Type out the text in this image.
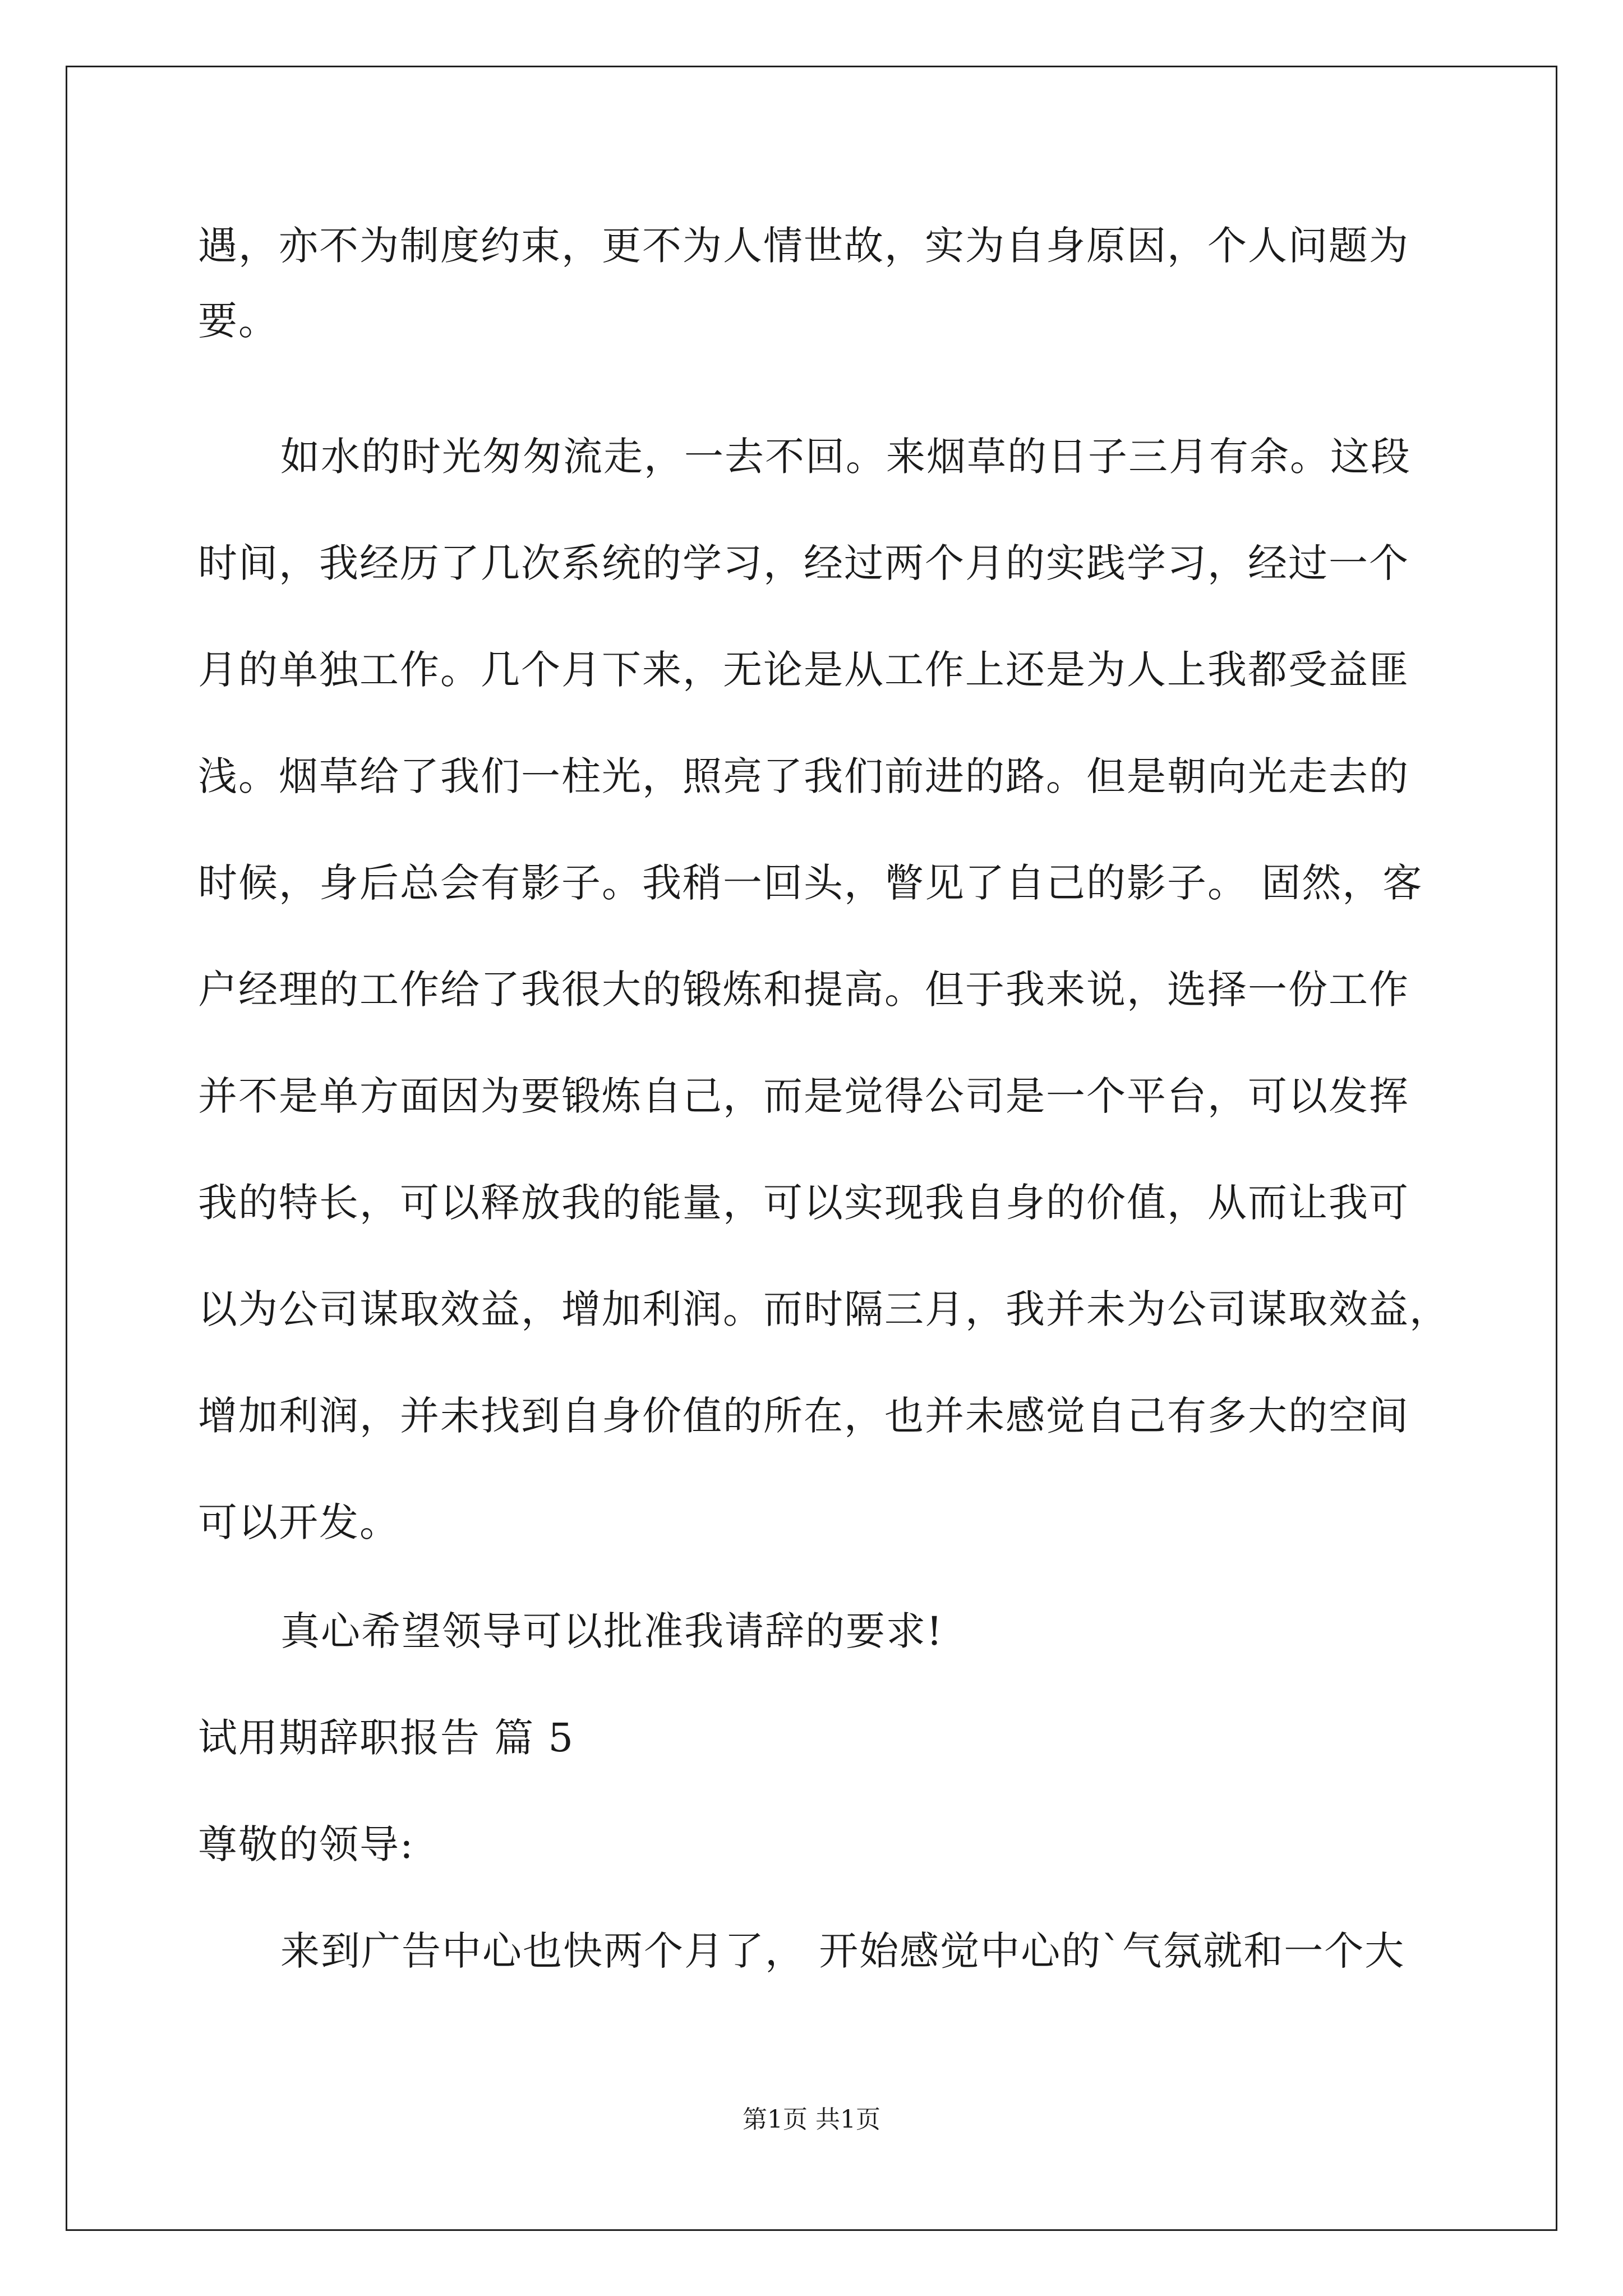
遇，亦不为制度约束，更不为人情世故，实为自身原因，个人问题为
要。
如水的时光匆匆流走，一去不回。来烟草的日子三月有余。这段
时间，我经历了几次系统的学习，经过两个月的实践学习，经过一个
月的单独工作。几个月下来，无论是从工作上还是为人上我都受益匪
浅。烟草给了我们一柱光，照亮了我们前进的路。但是朝向光走去的
时候，身后总会有影子。我稍一回头，瞥见了自己的影子。 固然，客
户经理的工作给了我很大的锻炼和提高。但于我来说，选择一份工作
并不是单方面因为要锻炼自己，而是觉得公司是一个平台，可以发挥
我的特长，可以释放我的能量，可以实现我自身的价值，从而让我可
以为公司谋取效益，增加利润。而时隔三月，我并未为公司谋取效益，
增加利润，并未找到自身价值的所在，也并未感觉自己有多大的空间
可以开发。
真心希望领导可以批准我请辞的要求!
试用期辞职报告 篇 5
尊敬的领导:
来到广告中心也快两个月了， 开始感觉中心的`气氛就和一个大
第1页 共1页
